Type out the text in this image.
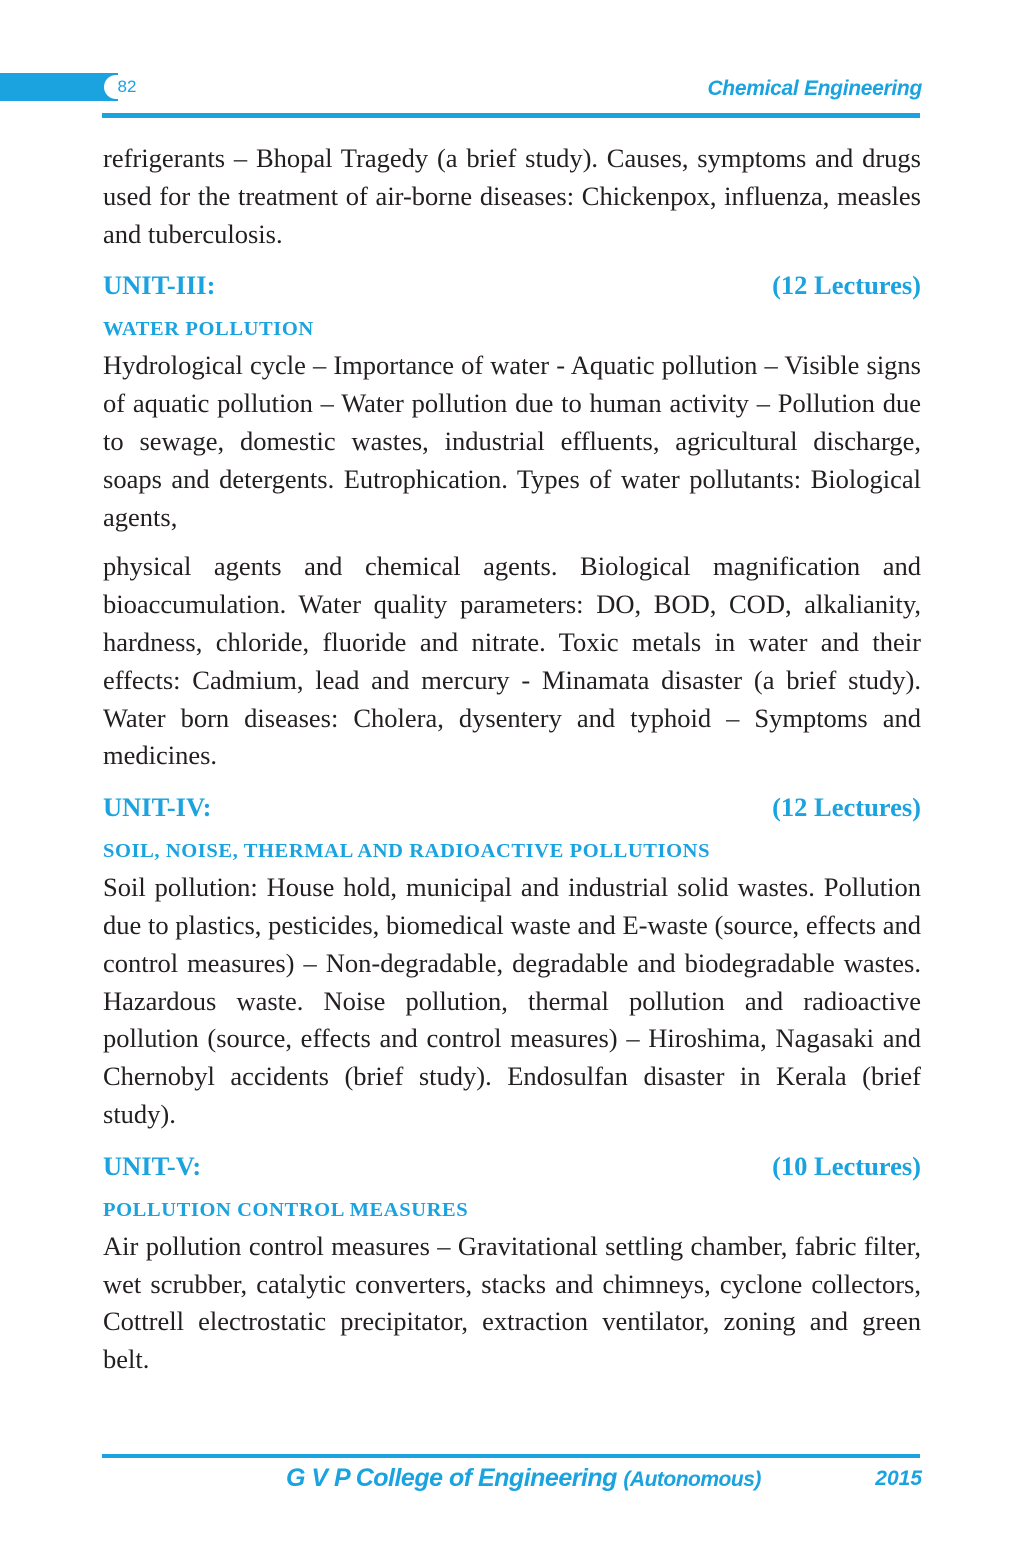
82	Chemical Engineering

refrigerants – Bhopal Tragedy (a brief study). Causes, symptoms and drugs used for the treatment of air-borne diseases: Chickenpox, influenza, measles and tuberculosis.

UNIT-III:	(12 Lectures)
WATER POLLUTION

Hydrological cycle – Importance of water - Aquatic pollution – Visible signs of aquatic pollution – Water pollution due to human activity – Pollution due to sewage, domestic wastes, industrial effluents, agricultural discharge, soaps and detergents. Eutrophication. Types of water pollutants: Biological agents,

physical agents and chemical agents. Biological magnification and bioaccumulation. Water quality parameters: DO, BOD, COD, alkalianity, hardness, chloride, fluoride and nitrate. Toxic metals in water and their effects: Cadmium, lead and mercury - Minamata disaster (a brief study). Water born diseases: Cholera, dysentery and typhoid – Symptoms and medicines.

UNIT-IV:	(12 Lectures)
SOIL, NOISE, THERMAL AND RADIOACTIVE POLLUTIONS

Soil pollution: House hold, municipal and industrial solid wastes. Pollution due to plastics, pesticides, biomedical waste and E-waste (source, effects and control measures) – Non-degradable, degradable and biodegradable wastes. Hazardous waste. Noise pollution, thermal pollution and radioactive pollution (source, effects and control measures) – Hiroshima, Nagasaki and Chernobyl accidents (brief study). Endosulfan disaster in Kerala (brief study).

UNIT-V:	(10 Lectures)
POLLUTION CONTROL MEASURES

Air pollution control measures – Gravitational settling chamber, fabric filter, wet scrubber, catalytic converters, stacks and chimneys, cyclone collectors, Cottrell electrostatic precipitator, extraction ventilator, zoning and green belt.

G V P College of Engineering (Autonomous)	2015
